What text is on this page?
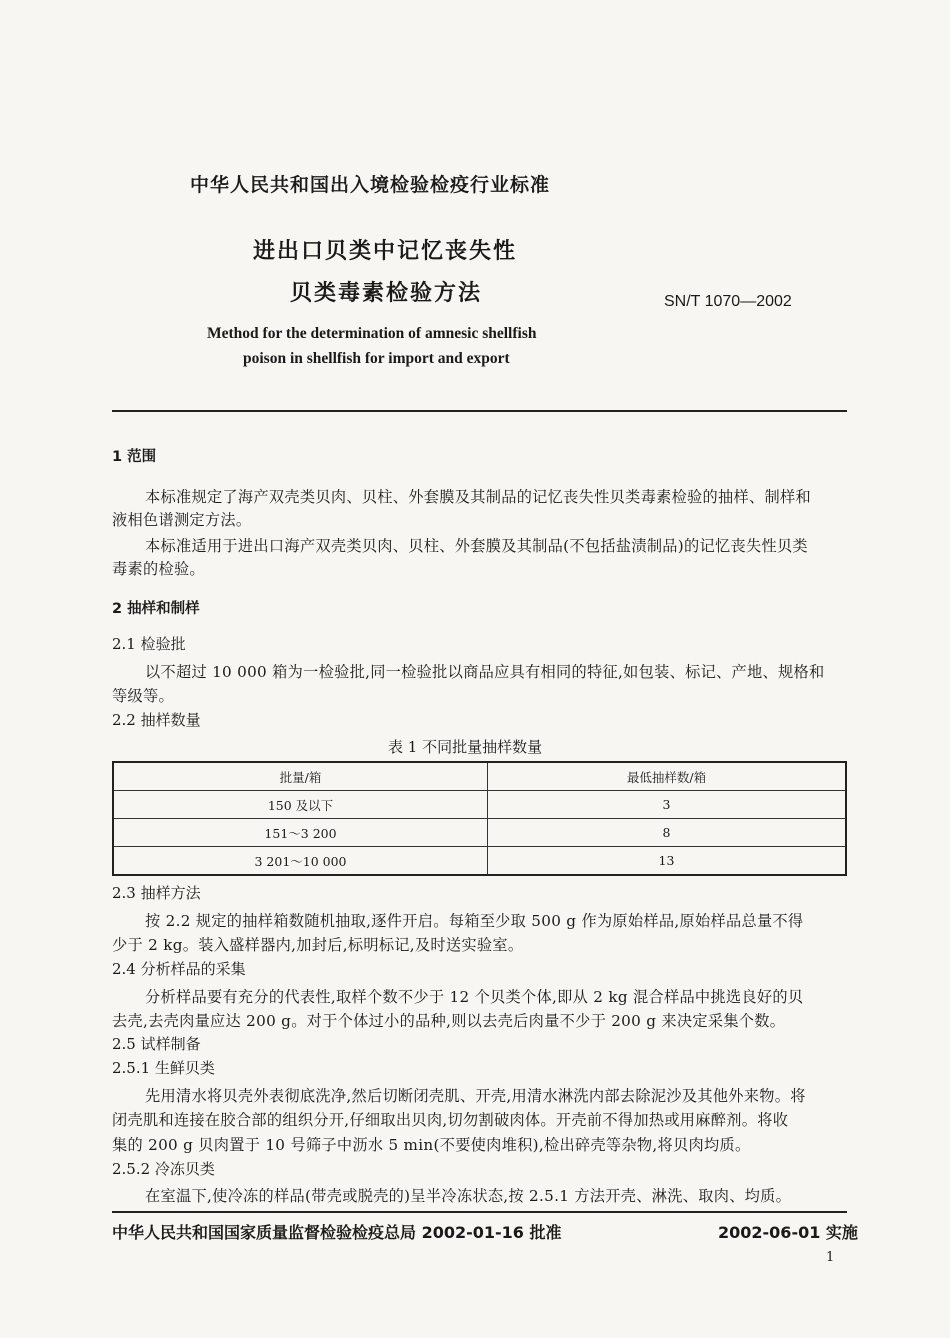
中华人民共和国出入境检验检疫行业标准
进出口贝类中记忆丧失性
贝类毒素检验方法	SN/T 1070—2002
Method for the determination of amnesic shellfish
poison in shellfish for import and export
1 范围
本标准规定了海产双壳类贝肉、贝柱、外套膜及其制品的记忆丧失性贝类毒素检验的抽样、制样和
液相色谱测定方法。
本标准适用于进出口海产双壳类贝肉、贝柱、外套膜及其制品(不包括盐渍制品)的记忆丧失性贝类
毒素的检验。
2 抽样和制样
2.1 检验批
以不超过 10 000 箱为一检验批,同一检验批以商品应具有相同的特征,如包装、标记、产地、规格和
等级等。
2.2 抽样数量
表 1 不同批量抽样数量
批量/箱	最低抽样数/箱
150 及以下	3
151～3 200	8
3 201～10 000	13
2.3 抽样方法
按 2.2 规定的抽样箱数随机抽取,逐件开启。每箱至少取 500 g 作为原始样品,原始样品总量不得
少于 2 kg。装入盛样器内,加封后,标明标记,及时送实验室。
2.4 分析样品的采集
分析样品要有充分的代表性,取样个数不少于 12 个贝类个体,即从 2 kg 混合样品中挑选良好的贝
去壳,去壳肉量应达 200 g。对于个体过小的品种,则以去壳后肉量不少于 200 g 来决定采集个数。
2.5 试样制备
2.5.1 生鲜贝类
先用清水将贝壳外表彻底洗净,然后切断闭壳肌、开壳,用清水淋洗内部去除泥沙及其他外来物。将
闭壳肌和连接在胶合部的组织分开,仔细取出贝肉,切勿割破肉体。开壳前不得加热或用麻醉剂。将收
集的 200 g 贝肉置于 10 号筛子中沥水 5 min(不要使肉堆积),检出碎壳等杂物,将贝肉均质。
2.5.2 冷冻贝类
在室温下,使冷冻的样品(带壳或脱壳的)呈半冷冻状态,按 2.5.1 方法开壳、淋洗、取肉、均质。
中华人民共和国国家质量监督检验检疫总局 2002-01-16 批准	2002-06-01 实施
1
